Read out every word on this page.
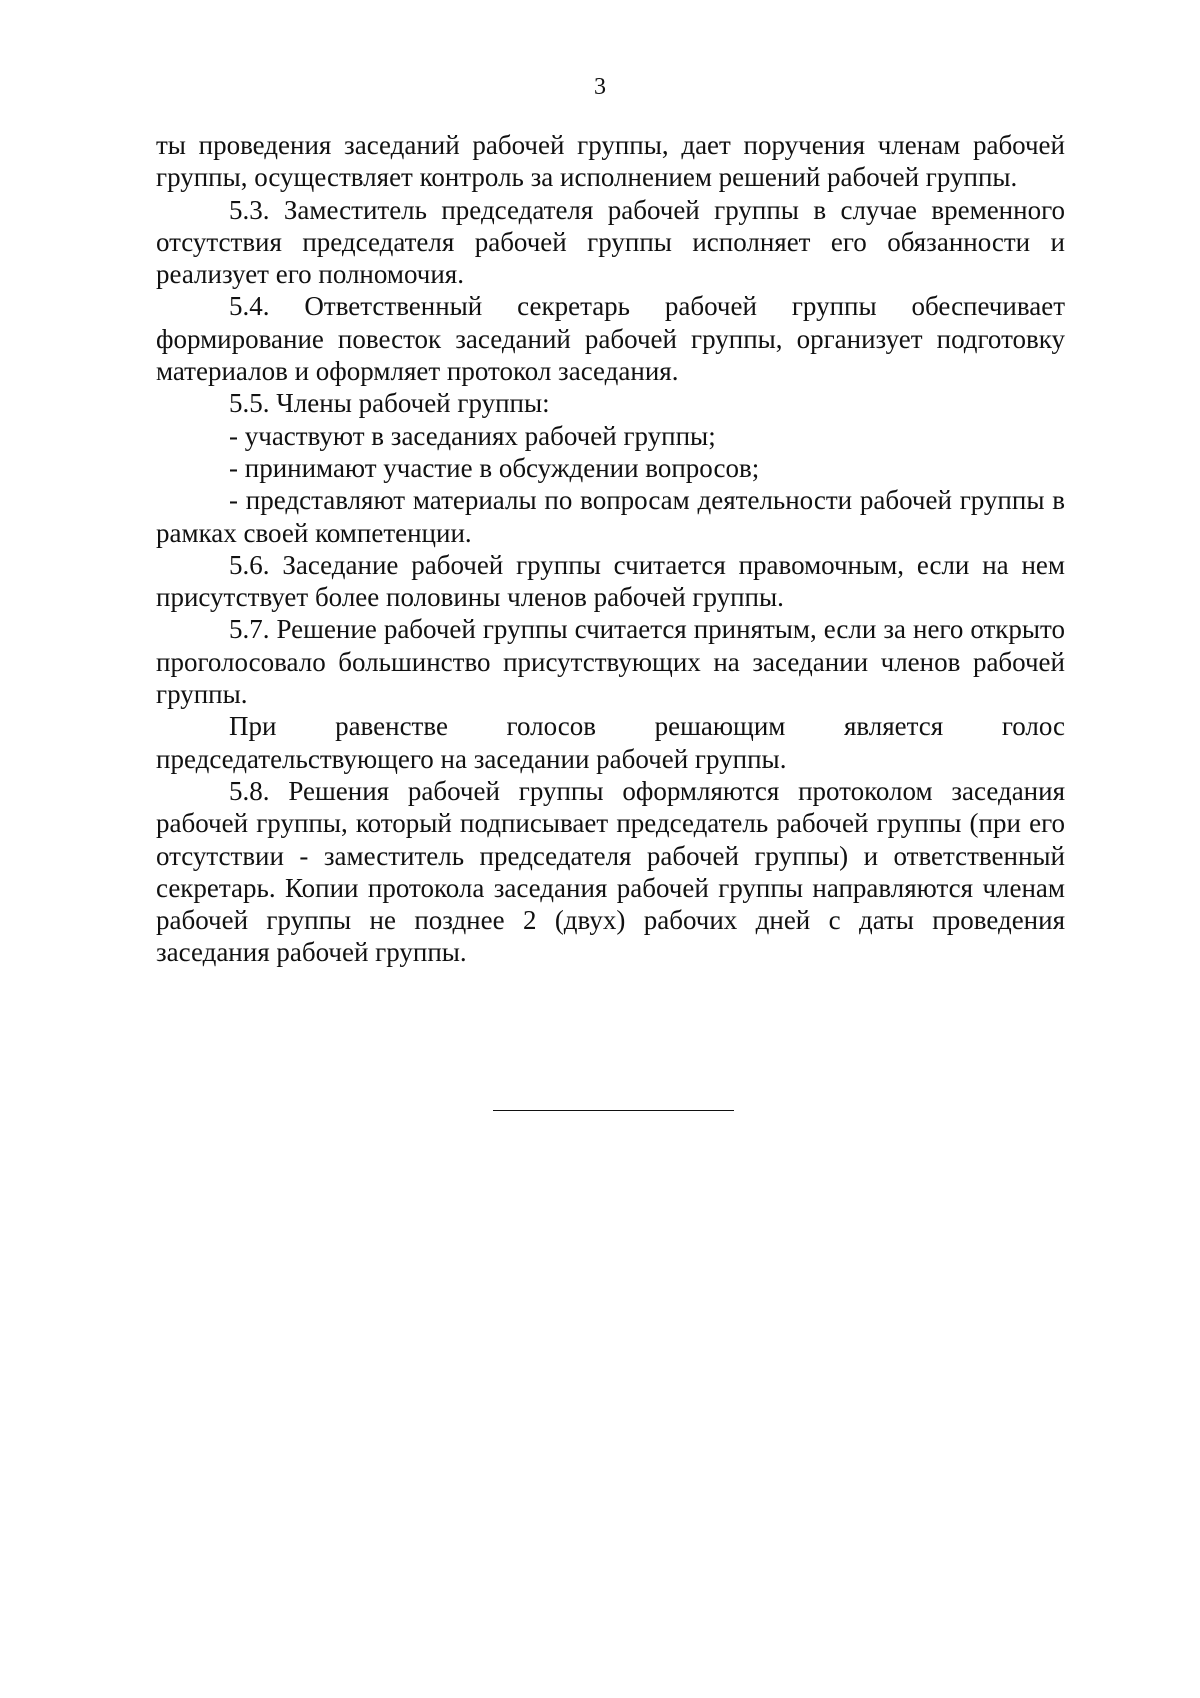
3

ты проведения заседаний рабочей группы, дает поручения членам рабочей группы, осуществляет контроль за исполнением решений рабочей группы.

5.3. Заместитель председателя рабочей группы в случае временного отсутствия председателя рабочей группы исполняет его обязанности и реализует его полномочия.

5.4. Ответственный секретарь рабочей группы обеспечивает формирование повесток заседаний рабочей группы, организует подготовку материалов и оформляет протокол заседания.

5.5. Члены рабочей группы:

- участвуют в заседаниях рабочей группы;

- принимают участие в обсуждении вопросов;

- представляют материалы по вопросам деятельности рабочей группы в рамках своей компетенции.

5.6. Заседание рабочей группы считается правомочным, если на нем присутствует более половины членов рабочей группы.

5.7. Решение рабочей группы считается принятым, если за него открыто проголосовало большинство присутствующих на заседании членов рабочей группы.

При равенстве голосов решающим является голос председательствующего на заседании рабочей группы.

5.8. Решения рабочей группы оформляются протоколом заседания рабочей группы, который подписывает председатель рабочей группы (при его отсутствии - заместитель председателя рабочей группы) и ответственный секретарь. Копии протокола заседания рабочей группы направляются членам рабочей группы не позднее 2 (двух) рабочих дней с даты проведения заседания рабочей группы.
